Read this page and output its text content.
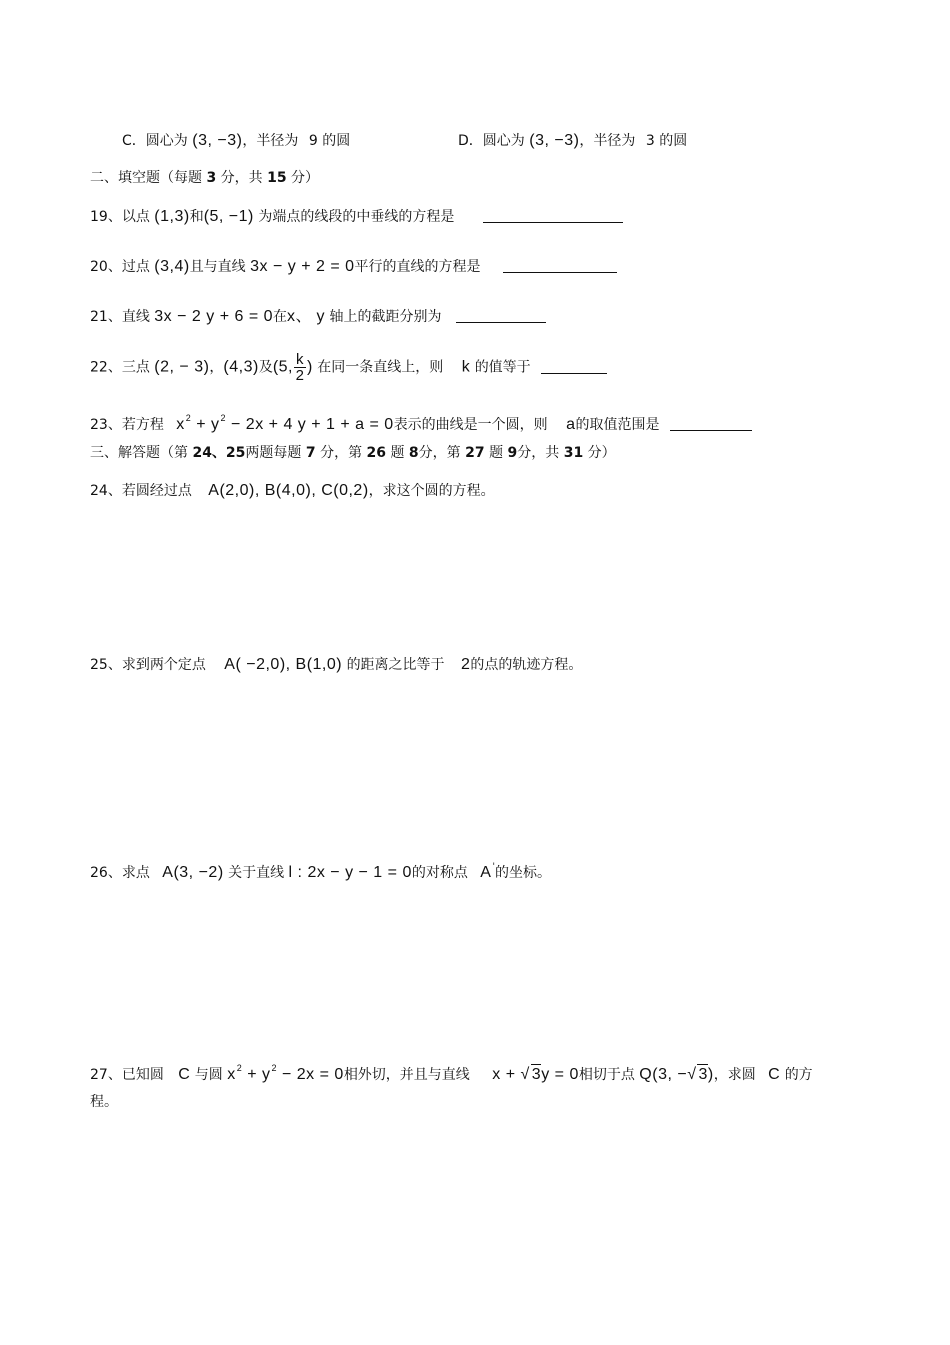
C．圆心为 (3, −3)，半径为 9 的圆	D．圆心为 (3, −3)，半径为 3 的圆
二、填空题（每题 3 分，共 15 分）
19、以点 (1,3)和(5, −1) 为端点的线段的中垂线的方程是
20、过点 (3,4)且与直线 3x − y + 2 = 0平行的直线的方程是
21、直线 3x − 2 y + 6 = 0在x、 y 轴上的截距分别为
22、三点 (2, − 3)，(4,3)及(5, $\frac{k}{2}$ ) 在同一条直线上，则 k 的值等于
23、若方程 $x^2 + y^2 - 2x + 4$ y + 1 + a = 0表示的曲线是一个圆，则 a的取值范围是
三、解答题（第 24、25两题每题 7 分，第 26 题 8分，第 27 题 9分，共 31 分）
24、若圆经过点 A(2,0), B(4,0), C(0,2)，求这个圆的方程。
25、求到两个定点 A( −2,0), B(1,0) 的距离之比等于 2的点的轨迹方程。
26、求点 A(3, −2) 关于直线 l : 2x − y − 1 = 0的对称点 A'的坐标。
27、已知圆 C 与圆 $x^2 + y^2 - 2x = 0$相外切，并且与直线 x + √ 3y = 0相切于点 Q(3, −√ 3)，求圆 C 的方
程。
